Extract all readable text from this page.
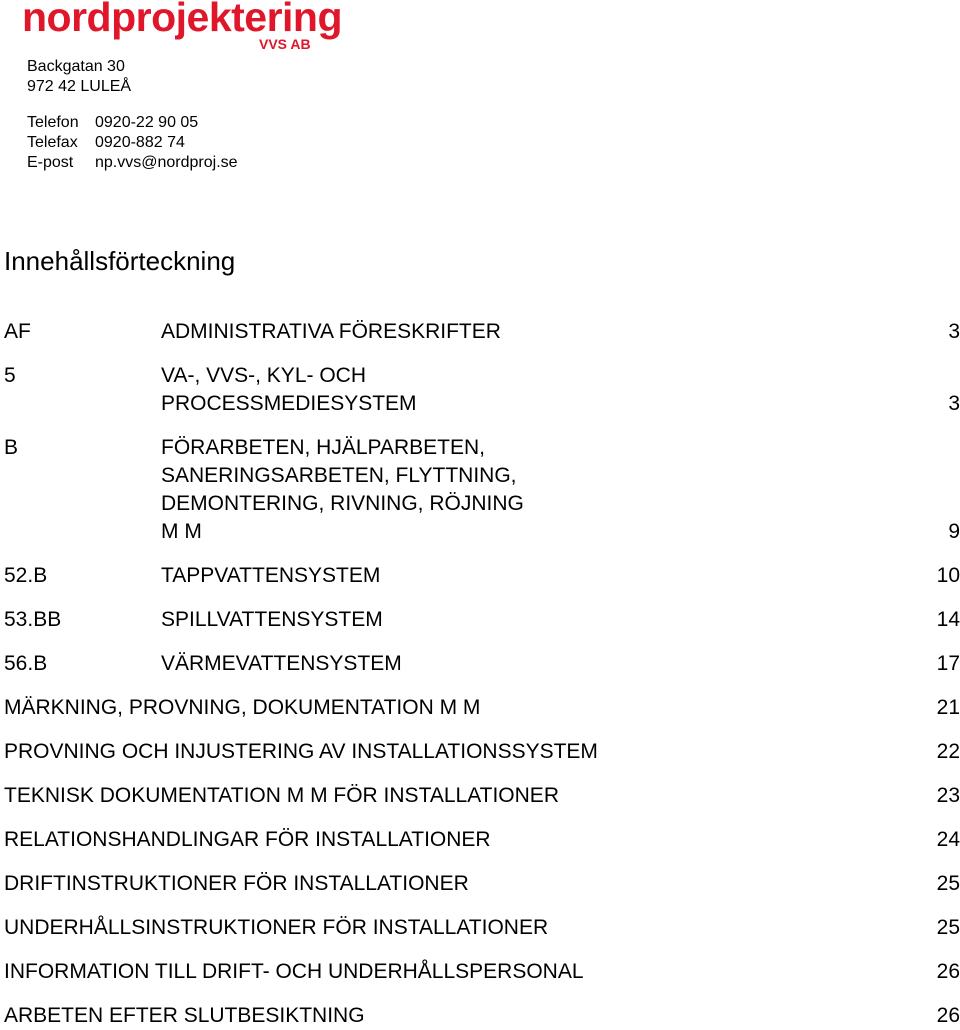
nordprojektering
VVS AB
Backgatan 30
972 42 LULEÅ
Telefon 0920-22 90 05
Telefax 0920-882 74
E-post np.vvs@nordproj.se
Innehållsförteckning
AF	ADMINISTRATIVA FÖRESKRIFTER	3
5	VA-, VVS-, KYL- OCH
PROCESSMEDIESYSTEM	3
B	FÖRARBETEN, HJÄLPARBETEN,
SANERINGSARBETEN, FLYTTNING,
DEMONTERING, RIVNING, RÖJNING
M M	9
52.B	TAPPVATTENSYSTEM	10
53.BB	SPILLVATTENSYSTEM	14
56.B	VÄRMEVATTENSYSTEM	17
MÄRKNING, PROVNING, DOKUMENTATION M M	21
PROVNING OCH INJUSTERING AV INSTALLATIONSSYSTEM	22
TEKNISK DOKUMENTATION M M FÖR INSTALLATIONER	23
RELATIONSHANDLINGAR FÖR INSTALLATIONER	24
DRIFTINSTRUKTIONER FÖR INSTALLATIONER	25
UNDERHÅLLSINSTRUKTIONER FÖR INSTALLATIONER	25
INFORMATION TILL DRIFT- OCH UNDERHÅLLSPERSONAL	26
ARBETEN EFTER SLUTBESIKTNING	26
